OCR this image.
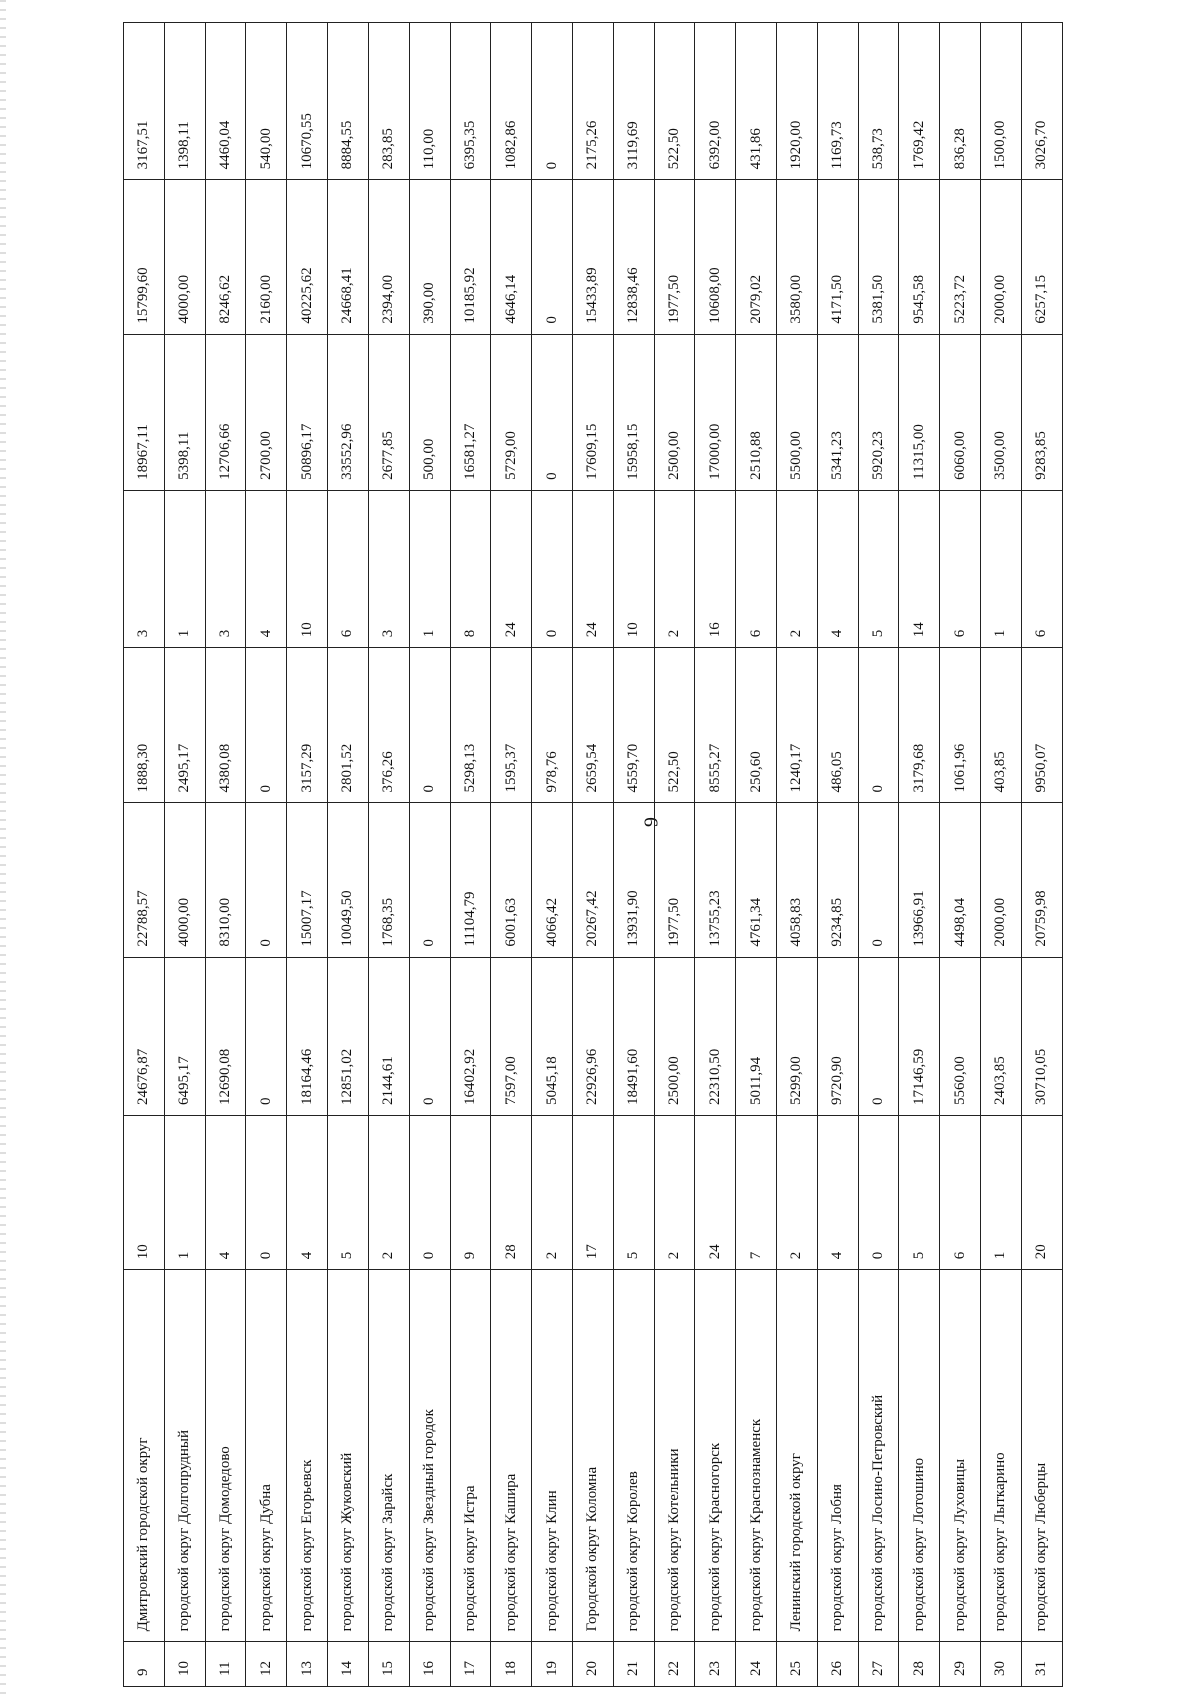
9
9	Дмитровский городской округ	10	24676,87	22788,57	1888,30	3	18967,11	15799,60	3167,51
10	городской округ Долгопрудный	1	6495,17	4000,00	2495,17	1	5398,11	4000,00	1398,11
11	городской округ Домодедово	4	12690,08	8310,00	4380,08	3	12706,66	8246,62	4460,04
12	городской округ Дубна	0	0	0	0	4	2700,00	2160,00	540,00
13	городской округ Егорьевск	4	18164,46	15007,17	3157,29	10	50896,17	40225,62	10670,55
14	городской округ Жуковский	5	12851,02	10049,50	2801,52	6	33552,96	24668,41	8884,55
15	городской округ Зарайск	2	2144,61	1768,35	376,26	3	2677,85	2394,00	283,85
16	городской округ Звездный городок	0	0	0	0	1	500,00	390,00	110,00
17	городской округ Истра	9	16402,92	11104,79	5298,13	8	16581,27	10185,92	6395,35
18	городской округ Кашира	28	7597,00	6001,63	1595,37	24	5729,00	4646,14	1082,86
19	городской округ Клин	2	5045,18	4066,42	978,76	0	0	0	0
20	Городской округ Коломна	17	22926,96	20267,42	2659,54	24	17609,15	15433,89	2175,26
21	городской округ Королев	5	18491,60	13931,90	4559,70	10	15958,15	12838,46	3119,69
22	городской округ Котельники	2	2500,00	1977,50	522,50	2	2500,00	1977,50	522,50
23	городской округ Красногорск	24	22310,50	13755,23	8555,27	16	17000,00	10608,00	6392,00
24	городской округ Краснознаменск	7	5011,94	4761,34	250,60	6	2510,88	2079,02	431,86
25	Ленинский городской округ	2	5299,00	4058,83	1240,17	2	5500,00	3580,00	1920,00
26	городской округ Лобня	4	9720,90	9234,85	486,05	4	5341,23	4171,50	1169,73
27	городской округ Лосино-Петровский	0	0	0	0	5	5920,23	5381,50	538,73
28	городской округ Лотошино	5	17146,59	13966,91	3179,68	14	11315,00	9545,58	1769,42
29	городской округ Луховицы	6	5560,00	4498,04	1061,96	6	6060,00	5223,72	836,28
30	городской округ Лыткарино	1	2403,85	2000,00	403,85	1	3500,00	2000,00	1500,00
31	городской округ Люберцы	20	30710,05	20759,98	9950,07	6	9283,85	6257,15	3026,70
